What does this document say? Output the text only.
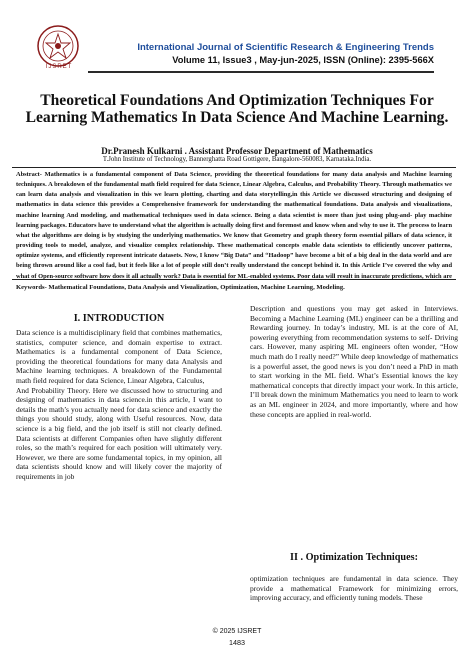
IJSRET
International Journal of Scientific Research & Engineering Trends
Volume 11, Issue3 , May-jun-2025, ISSN (Online): 2395-566X
Theoretical Foundations And Optimization Techniques For Learning Mathematics In Data Science And Machine Learning.
Dr.Pranesh Kulkarni . Assistant Professor Department of Mathematics
T.John Institute of Technology, Bannerghatta Road Gottigere, Bangalore-560083, Karnataka.India.

Abstract- Mathematics is a fundamental component of Data Science, providing the theoretical foundations for many data analysis and Machine learning techniques. A breakdown of the fundamental math field required for data Science, Linear Algebra, Calculus, and Probability Theory. Through mathematics we can learn data analysis and visualization in this we learn plotting, charting and data storytelling,in this Article we discussed structuring and designing of mathematics in data science this provides a Comprehensive framework for understanding the mathematical foundations. Data analysis and visualizations, machine learning And modeling, and mathematical techniques used in data science. Being a data scientist is more than just using plug-and- play machine learning packages. Educators have to understand what the algorithm is actually doing first and foremost and know when and why to use it. The process to learn what the algorithms are doing is by studying the underlying mathematics. We know that Geometry and graph theory form essential pillars of data science, it providing tools to model, analyze, and visualize complex relationship. These mathematical concepts enable data scientists to efficiently uncover patterns, optimize systems, and efficiently represent intricate datasets. Now, I know “Big Data” and “Hadoop” have become a bit of a big deal in the data world and are being thrown around like a cool fad, but it feels like a lot of people still don’t really understand the concept behind it. In this Article I’ve covered the why and what of Open-source software how does it all actually work? Data is essential for ML-enabled systems. Poor data will result in inaccurate predictions, which are

Keywords- Mathematical Foundations, Data Analysis and Visualization, Optimization, Machine Learning, Modeling.
I. INTRODUCTION

Data science is a multidisciplinary field that combines mathematics, statistics, computer science, and domain expertise to extract. Mathematics is a fundamental component of Data Science, providing the theoretical foundations for many data Analysis and Machine learning techniques. A breakdown of the Fundamental math field required for data Science, Linear Algebra, Calculus,

And Probability Theory. Here we discussed how to structuring and designing of mathematics in data science.in this article, I want to details the math’s you actually need for data science and exactly the things you should study, along with Useful resources. Now, data science is a big field, and the job itself is still not clearly defined. Data scientists at different Companies often have slightly different roles, so the math’s required for each position will ultimately very. However, we there are some fundamental topics, in my opinion, all data scientists should know and will likely cover the majority of requirements in job

Description and questions you may get asked in Interviews. Becoming a Machine Learning (ML) engineer can be a thrilling and Rewarding journey. In today’s industry, ML is at the core of AI, powering everything from recommendation systems to self- Driving cars. However, many aspiring ML engineers often wonder, “How much math do I really need?” While deep knowledge of mathematics is a powerful asset, the good news is you don’t need a PhD in math to start working in the ML field. What’s Essential knows the key mathematical concepts that directly impact your work. In this article, I’ll break down the minimum Mathematics you need to learn to work as an ML engineer in 2024, and more importantly, where and how these concepts are applied in real-world.

II . Optimization Techniques:

optimization techniques are fundamental in data science. They provide a mathematical Framework for minimizing errors, improving accuracy, and efficiently tuning models. These

© 2025 IJSRET
1483
